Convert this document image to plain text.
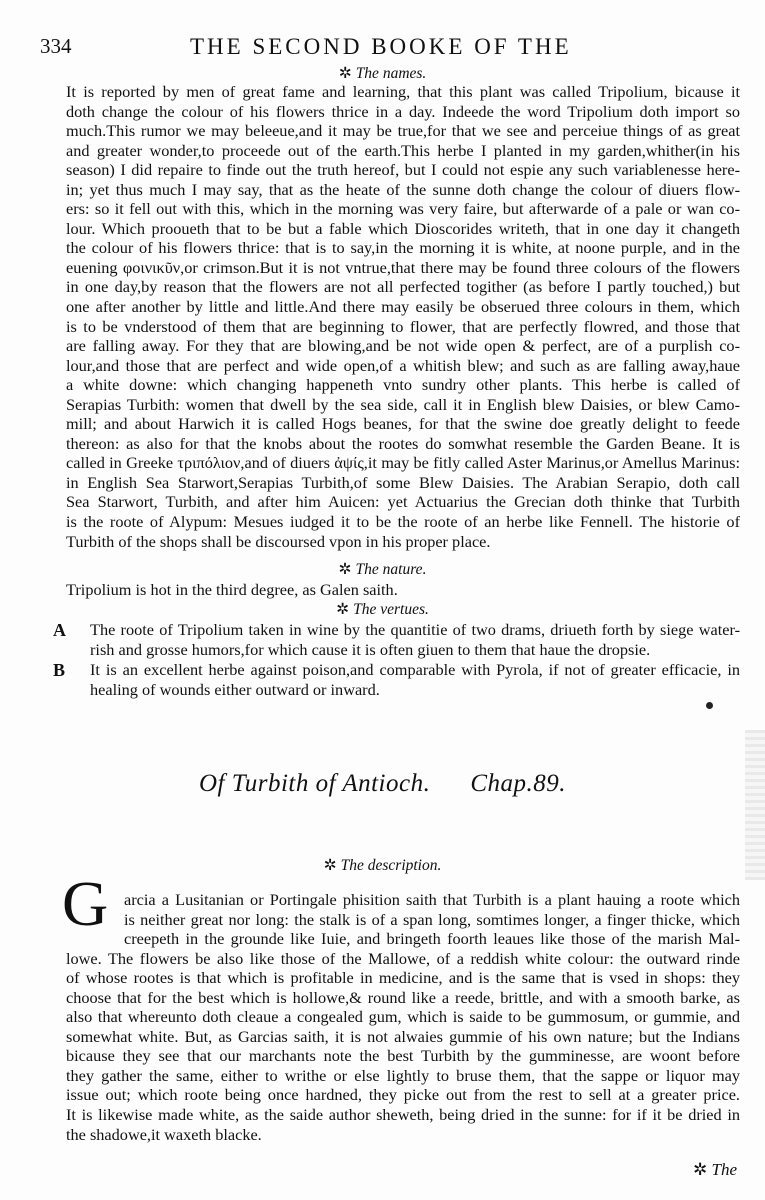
334	THE SECOND BOOKE OF THE
✲ The names.
It is reported by men of great fame and learning, that this plant was called Tripolium, bicause it
doth change the colour of his flowers thrice in a day. Indeede the word Tripolium doth import so
much.This rumor we may beleeue,and it may be true,for that we see and perceiue things of as great
and greater wonder,to proceede out of the earth.This herbe I planted in my garden,whither(in his
season) I did repaire to finde out the truth hereof, but I could not espie any such variablenesse here-
in; yet thus much I may say, that as the heate of the sunne doth change the colour of diuers flow-
ers: so it fell out with this, which in the morning was very faire, but afterwarde of a pale or wan co-
lour. Which prooueth that to be but a fable which Dioscorides writeth, that in one day it changeth
the colour of his flowers thrice: that is to say,in the morning it is white, at noone purple, and in the
euening φοινικῦν,or crimson.But it is not vntrue,that there may be found three colours of the flowers
in one day,by reason that the flowers are not all perfected togither (as before I partly touched,) but
one after another by little and little.And there may easily be obserued three colours in them, which
is to be vnderstood of them that are beginning to flower, that are perfectly flowred, and those that
are falling away. For they that are blowing,and be not wide open & perfect, are of a purplish co-
lour,and those that are perfect and wide open,of a whitish blew; and such as are falling away,haue
a white downe: which changing happeneth vnto sundry other plants. This herbe is called of
Serapias Turbith: women that dwell by the sea side, call it in English blew Daisies, or blew Camo-
mill; and about Harwich it is called Hogs beanes, for that the swine doe greatly delight to feede
thereon: as also for that the knobs about the rootes do somwhat resemble the Garden Beane. It is
called in Greeke τριπόλιον,and of diuers ἀψίς,it may be fitly called Aster Marinus,or Amellus Marinus:
in English Sea Starwort,Serapias Turbith,of some Blew Daisies. The Arabian Serapio, doth call
Sea Starwort, Turbith, and after him Auicen: yet Actuarius the Grecian doth thinke that Turbith
is the roote of Alypum: Mesues iudged it to be the roote of an herbe like Fennell. The historie of
Turbith of the shops shall be discoursed vpon in his proper place.
✲ The nature.
Tripolium is hot in the third degree, as Galen saith.
✲ The vertues.
A The roote of Tripolium taken in wine by the quantitie of two drams, driueth forth by siege water-
rish and grosse humors,for which cause it is often giuen to them that haue the dropsie.
B It is an excellent herbe against poison,and comparable with Pyrola, if not of greater efficacie, in
healing of wounds either outward or inward.
Of Turbith of Antioch. Chap.89.
✲ The description.
G arcia a Lusitanian or Portingale phisition saith that Turbith is a plant hauing a roote which
is neither great nor long: the stalk is of a span long, somtimes longer, a finger thicke, which
creepeth in the grounde like Iuie, and bringeth foorth leaues like those of the marish Mal-
lowe. The flowers be also like those of the Mallowe, of a reddish white colour: the outward rinde
of whose rootes is that which is profitable in medicine, and is the same that is vsed in shops: they
choose that for the best which is hollowe,& round like a reede, brittle, and with a smooth barke, as
also that whereunto doth cleaue a congealed gum, which is saide to be gummosum, or gummie, and
somewhat white. But, as Garcias saith, it is not alwaies gummie of his own nature; but the Indians
bicause they see that our marchants note the best Turbith by the gumminesse, are woont before
they gather the same, either to writhe or else lightly to bruse them, that the sappe or liquor may
issue out; which roote being once hardned, they picke out from the rest to sell at a greater price.
It is likewise made white, as the saide author sheweth, being dried in the sunne: for if it be dried in
the shadowe,it waxeth blacke.
✲ The
